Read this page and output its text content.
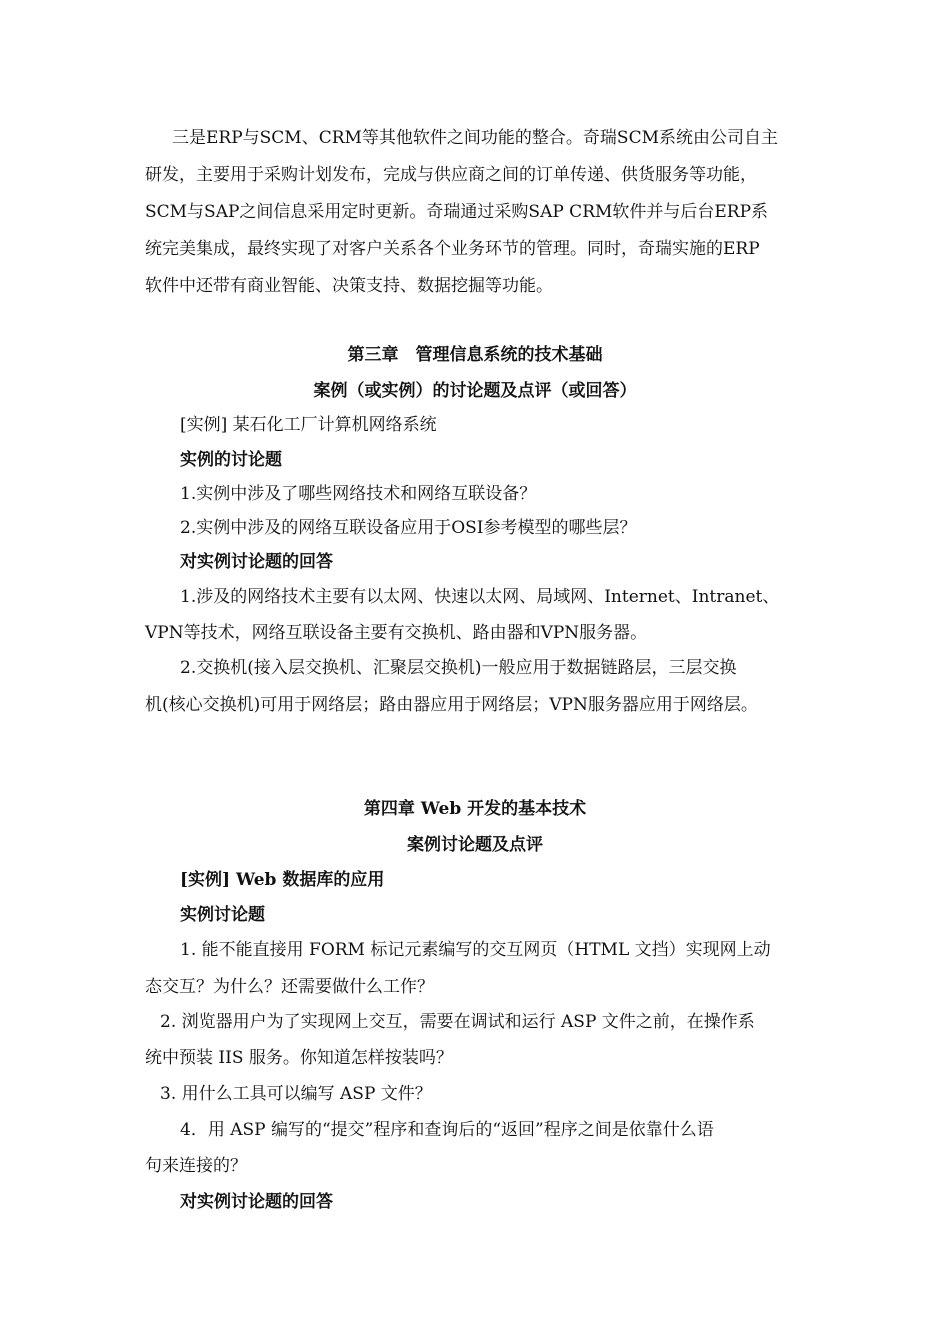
三是ERP与SCM、CRM等其他软件之间功能的整合。奇瑞SCM系统由公司自主
研发，主要用于采购计划发布，完成与供应商之间的订单传递、供货服务等功能，
SCM与SAP之间信息采用定时更新。奇瑞通过采购SAP CRM软件并与后台ERP系
统完美集成，最终实现了对客户关系各个业务环节的管理。同时，奇瑞实施的ERP
软件中还带有商业智能、决策支持、数据挖掘等功能。
第三章　管理信息系统的技术基础
案例（或实例）的讨论题及点评（或回答）
[实例] 某石化工厂计算机网络系统
实例的讨论题
1.实例中涉及了哪些网络技术和网络互联设备？
2.实例中涉及的网络互联设备应用于OSI参考模型的哪些层？
对实例讨论题的回答
1.涉及的网络技术主要有以太网、快速以太网、局域网、Internet、Intranet、
VPN等技术，网络互联设备主要有交换机、路由器和VPN服务器。
2.交换机(接入层交换机、汇聚层交换机)一般应用于数据链路层，三层交换
机(核心交换机)可用于网络层；路由器应用于网络层；VPN服务器应用于网络层。
第四章 Web 开发的基本技术
案例讨论题及点评
[实例] Web 数据库的应用
实例讨论题
1. 能不能直接用 FORM 标记元素编写的交互网页（HTML 文挡）实现网上动
态交互？为什么？还需要做什么工作？
2. 浏览器用户为了实现网上交互，需要在调试和运行 ASP 文件之前，在操作系
统中预装 IIS 服务。你知道怎样按装吗？
3. 用什么工具可以编写 ASP 文件？
4．用 ASP 编写的“提交”程序和查询后的“返回”程序之间是依靠什么语
句来连接的？
对实例讨论题的回答
